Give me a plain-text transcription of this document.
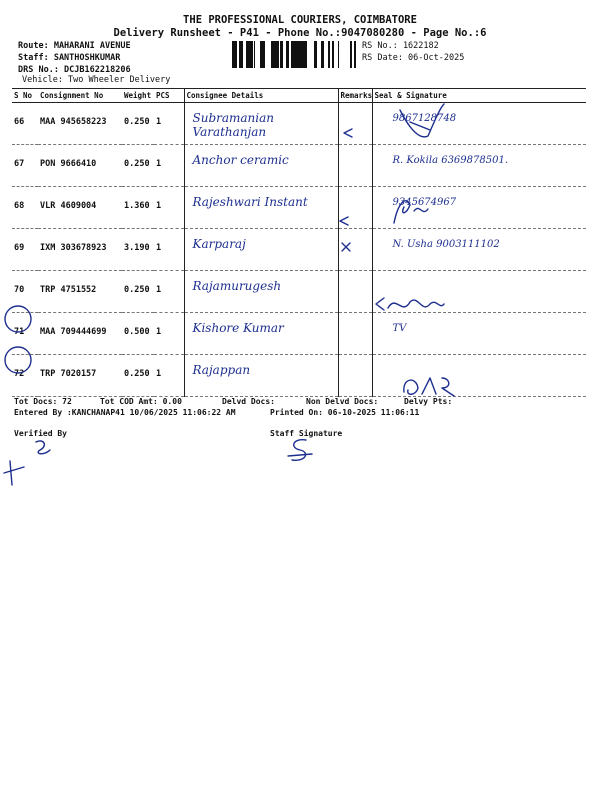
THE PROFESSIONAL COURIERS, COIMBATORE
Delivery Runsheet - P41 - Phone No.:9047080280 - Page No.:6
Route: MAHARANI AVENUE
Staff: SANTHOSHKUMAR
DRS No.: DCJB162218206
Vehicle: Two Wheeler Delivery
RS No.: 1622182
RS Date: 06-Oct-2025
S No	Consignment No	Weight	PCS	Consignee Details	Remarks	Seal & Signature
66	MAA 945658223	0.250	1	Subramanian Varathanjan		9867128748
67	PON 9666410	0.250	1	Anchor ceramic		R. Kokila 6369878501.
68	VLR 4609004	1.360	1	Rajeshwari Instant		9345674967
69	IXM 303678923	3.190	1	Karparaj		N. Usha 9003111102
70	TRP 4751552	0.250	1	Rajamurugesh		
71	MAA 709444699	0.500	1	Kishore Kumar		TV
72	TRP 7020157	0.250	1	Rajappan		
Tot Docs: 72	Tot COD Amt: 0.00	Delvd Docs:	Non Delvd Docs:	Delvy Pts:
Entered By :KANCHANAP41 10/06/2025 11:06:22 AM	Printed On: 06-10-2025 11:06:11
Verified By	Staff Signature
